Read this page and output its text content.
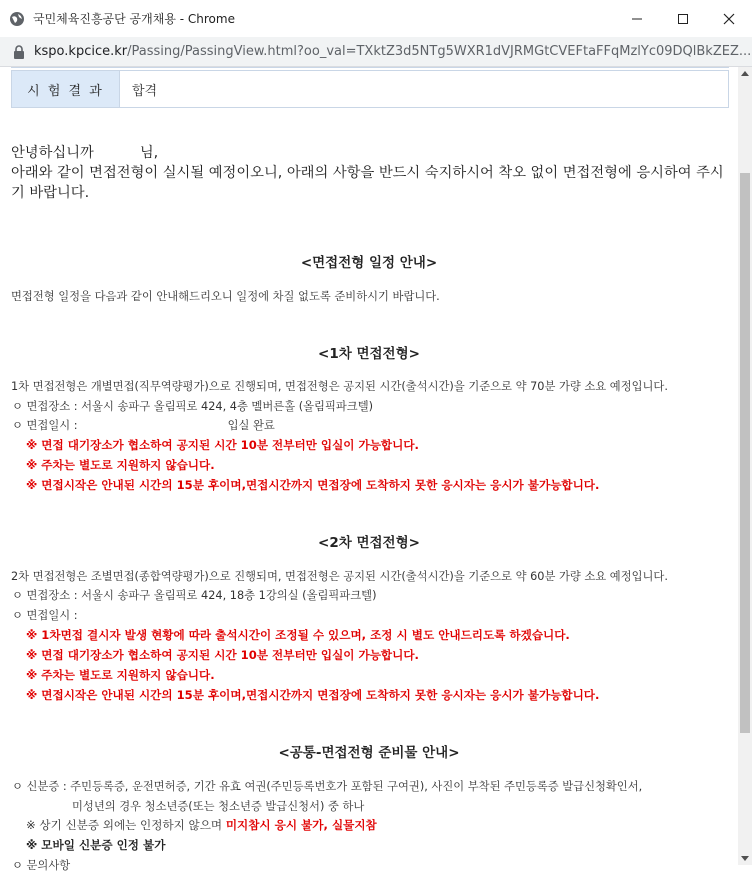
국민체육진흥공단 공개채용 - Chrome
kspo.kpcice.kr/Passing/PassingView.html?oo_val=TXktZ3d5NTg5WXR1dVJRMGtCVEFtaFFqMzlYc09DQlBkZEZ...
시 험 결 과	합격
안녕하십니까	님,
아래와 같이 면접전형이 실시될 예정이오니, 아래의 사항을 반드시 숙지하시어 착오 없이 면접전형에 응시하여 주시
기 바랍니다.
<면접전형 일정 안내>
면접전형 일정을 다음과 같이 안내해드리오니 일정에 차질 없도록 준비하시기 바랍니다.
<1차 면접전형>
1차 면접전형은 개별면접(직무역량평가)으로 진행되며, 면접전형은 공지된 시간(출석시간)을 기준으로 약 70분 가량 소요 예정입니다.
ㅇ 면접장소 : 서울시 송파구 올림픽로 424, 4층 멜버른홀 (올림픽파크텔)
ㅇ 면접일시 :	입실 완료
※ 면접 대기장소가 협소하여 공지된 시간 10분 전부터만 입실이 가능합니다.
※ 주차는 별도로 지원하지 않습니다.
※ 면접시작은 안내된 시간의 15분 후이며,면접시간까지 면접장에 도착하지 못한 응시자는 응시가 불가능합니다.
<2차 면접전형>
2차 면접전형은 조별면접(종합역량평가)으로 진행되며, 면접전형은 공지된 시간(출석시간)을 기준으로 약 60분 가량 소요 예정입니다.
ㅇ 면접장소 : 서울시 송파구 올림픽로 424, 18층 1강의실 (올림픽파크텔)
ㅇ 면접일시 :
※ 1차면접 결시자 발생 현황에 따라 출석시간이 조정될 수 있으며, 조정 시 별도 안내드리도록 하겠습니다.
※ 면접 대기장소가 협소하여 공지된 시간 10분 전부터만 입실이 가능합니다.
※ 주차는 별도로 지원하지 않습니다.
※ 면접시작은 안내된 시간의 15분 후이며,면접시간까지 면접장에 도착하지 못한 응시자는 응시가 불가능합니다.
<공통-면접전형 준비물 안내>
ㅇ 신분증 : 주민등록증, 운전면허증, 기간 유효 여권(주민등록번호가 포함된 구여권), 사진이 부착된 주민등록증 발급신청확인서,
미성년의 경우 청소년증(또는 청소년증 발급신청서) 중 하나
※ 상기 신분증 외에는 인정하지 않으며 미지참시 응시 불가, 실물지참
※ 모바일 신분증 인정 불가
ㅇ 문의사항
